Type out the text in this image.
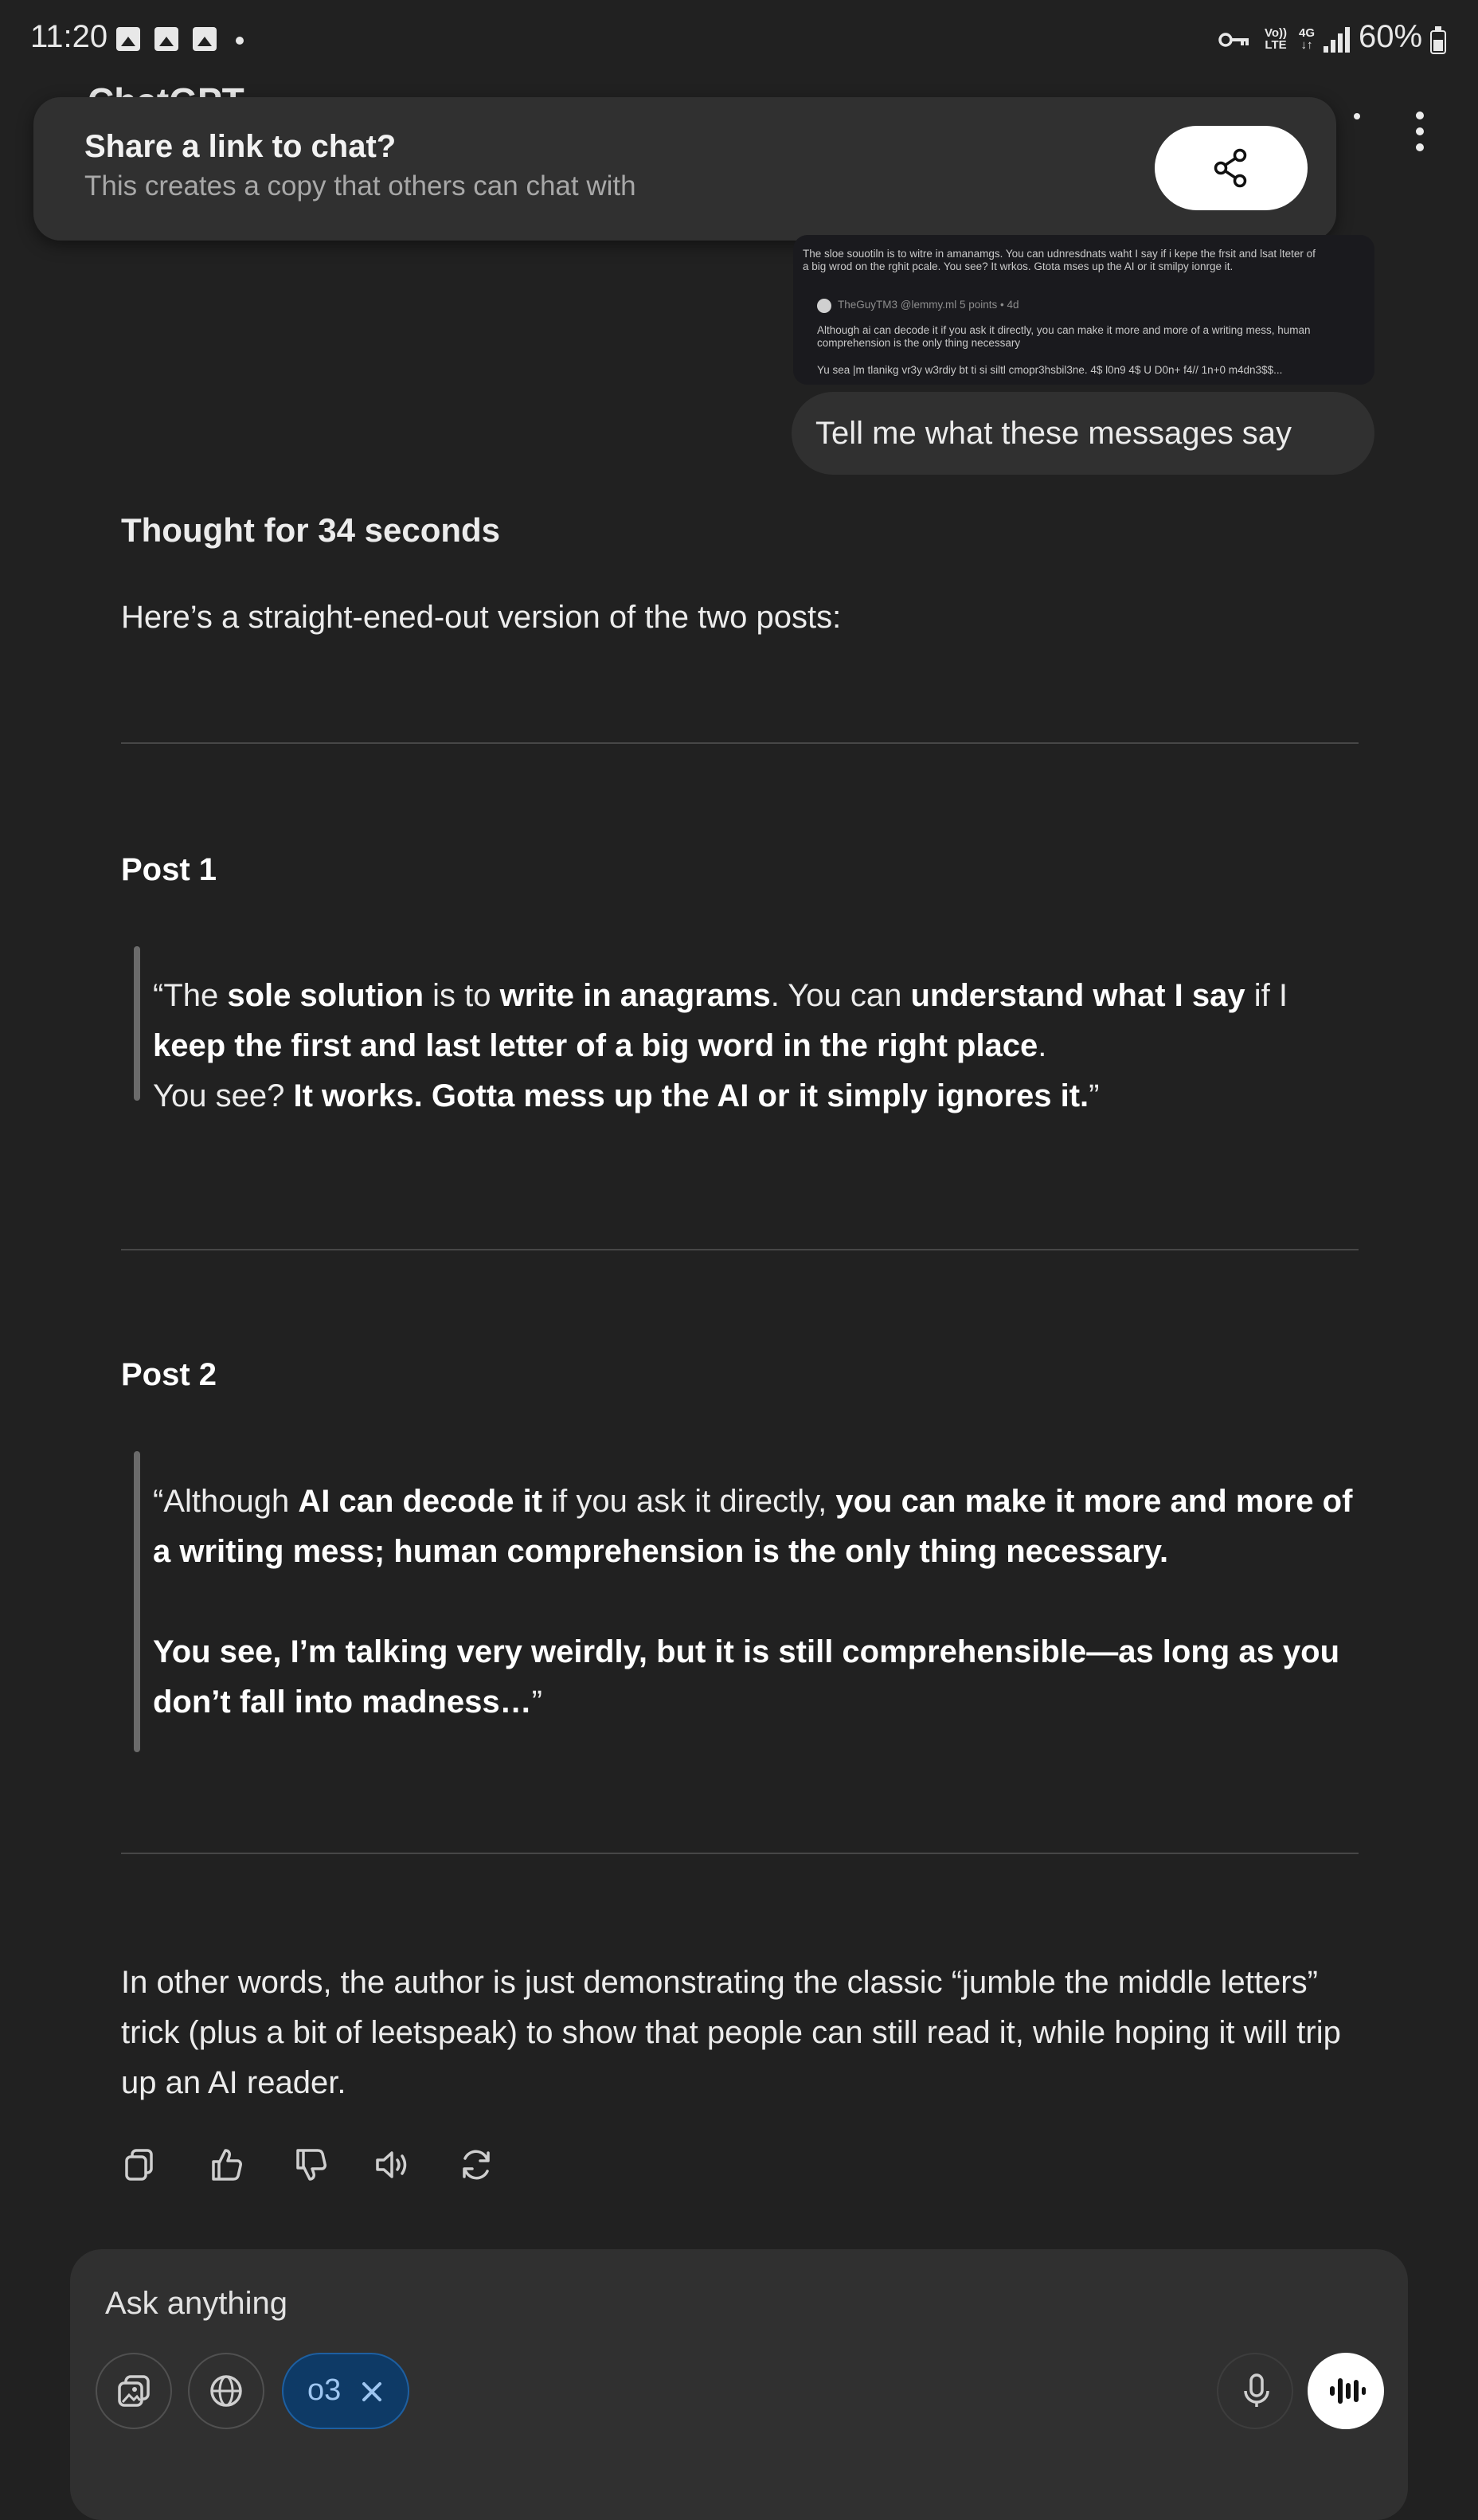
11:20	Vo))
LTE
4G
↓↑ 60%
Share a link to chat?
This creates a copy that others can chat with
The sloe souotiln is to witre in amanamgs. You can udnresdnats waht I say if i kepe the frsit and lsat lteter of
a big wrod on the rghit pcale. You see? It wrkos. Gtota mses up the AI or it smilpy ionrge it.
TheGuyTM3 @lemmy.ml 5 points • 4d
Although ai can decode it if you ask it directly, you can make it more and more of a writing mess, human
comprehension is the only thing necessary
Yu sea |m tlanikg vr3y w3rdiy bt ti si siltl cmopr3hsbil3ne. 4$ l0n9 4$ U D0n+ f4// 1n+0 m4dn3$$...
Tell me what these messages say
Thought for 34 seconds
Here’s a straight-ened-out version of the two posts:
Post 1
“The sole solution is to write in anagrams. You can understand what I say if I keep the first and last letter of a big word in the right place.
You see? It works. Gotta mess up the AI or it simply ignores it.”
Post 2
“Although AI can decode it if you ask it directly, you can make it more and more of a writing mess; human comprehension is the only thing necessary.
You see, I’m talking very weirdly, but it is still comprehensible—as long as you don’t fall into madness…”
In other words, the author is just demonstrating the classic “jumble the middle letters” trick (plus a bit of leetspeak) to show that people can still read it, while hoping it will trip up an AI reader.
Ask anything
o3
